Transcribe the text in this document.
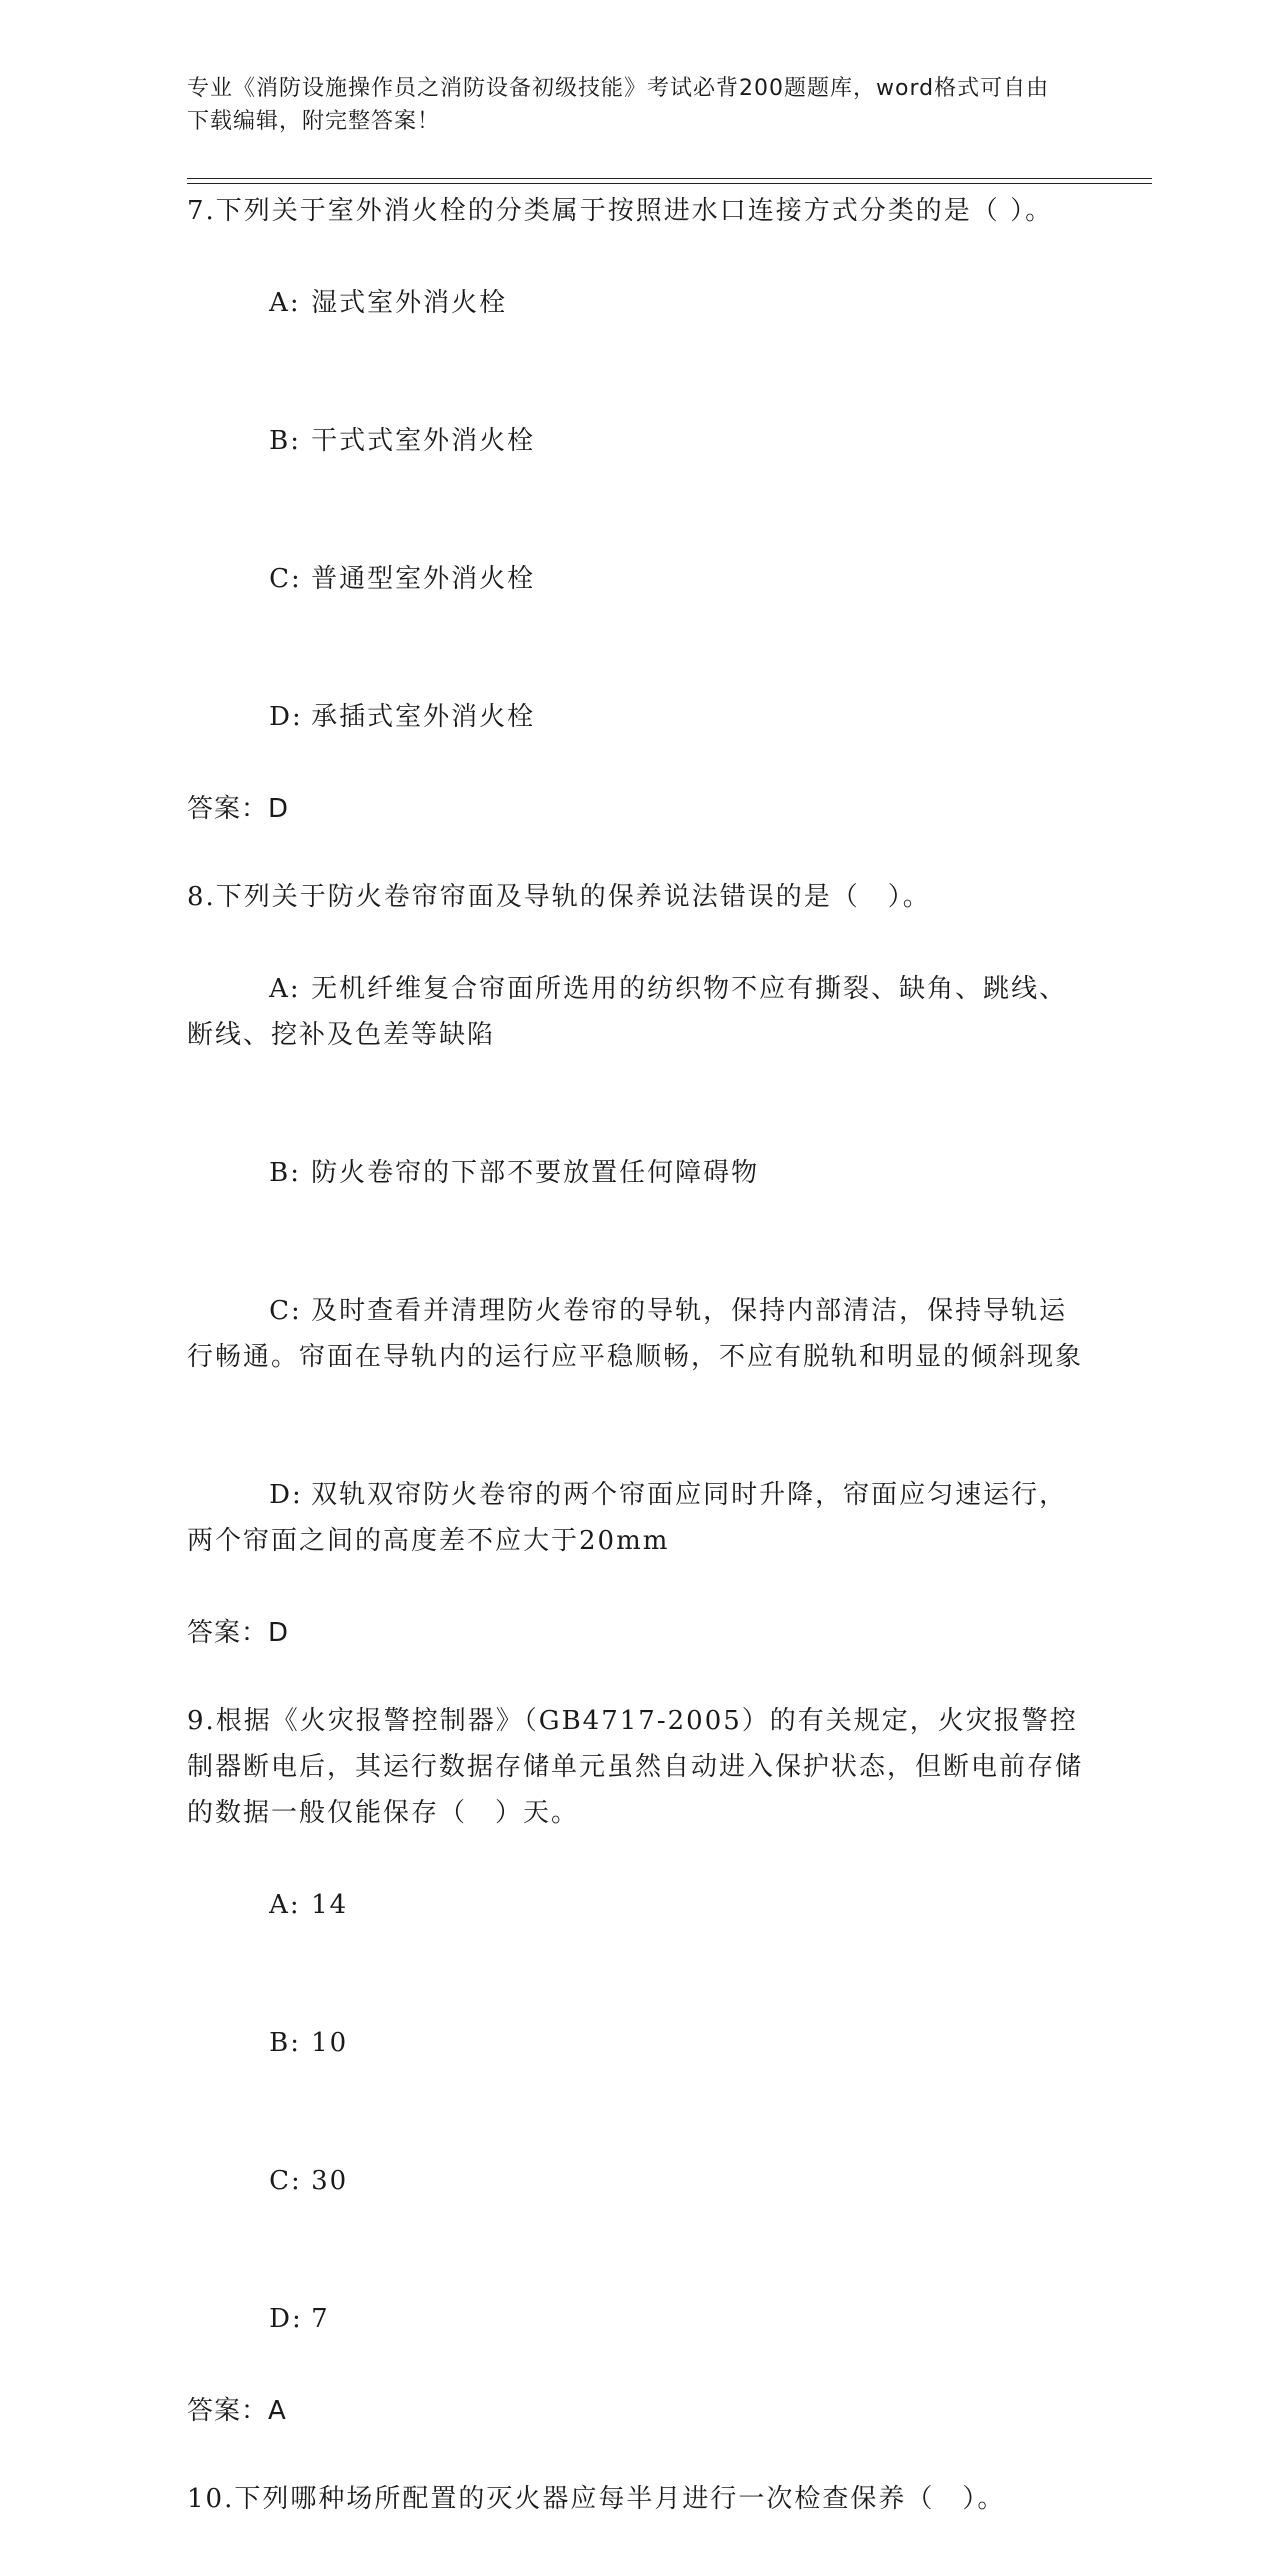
专业《消防设施操作员之消防设备初级技能》考试必背200题题库，word格式可自由下载编辑，附完整答案！
7.下列关于室外消火栓的分类属于按照进水口连接方式分类的是（ ）。

A: 湿式室外消火栓

B: 干式式室外消火栓

C: 普通型室外消火栓

D: 承插式室外消火栓

答案：D
8.下列关于防火卷帘帘面及导轨的保养说法错误的是（　）。

A: 无机纤维复合帘面所选用的纺织物不应有撕裂、缺角、跳线、断线、挖补及色差等缺陷

B: 防火卷帘的下部不要放置任何障碍物

C: 及时查看并清理防火卷帘的导轨，保持内部清洁，保持导轨运行畅通。帘面在导轨内的运行应平稳顺畅，不应有脱轨和明显的倾斜现象

D: 双轨双帘防火卷帘的两个帘面应同时升降，帘面应匀速运行，两个帘面之间的高度差不应大于20mm

答案：D
9.根据《火灾报警控制器》（GB4717-2005）的有关规定，火灾报警控制器断电后，其运行数据存储单元虽然自动进入保护状态，但断电前存储的数据一般仅能保存（　）天。

A: 14

B: 10

C: 30

D: 7

答案：A
10.下列哪种场所配置的灭火器应每半月进行一次检查保养（　）。
